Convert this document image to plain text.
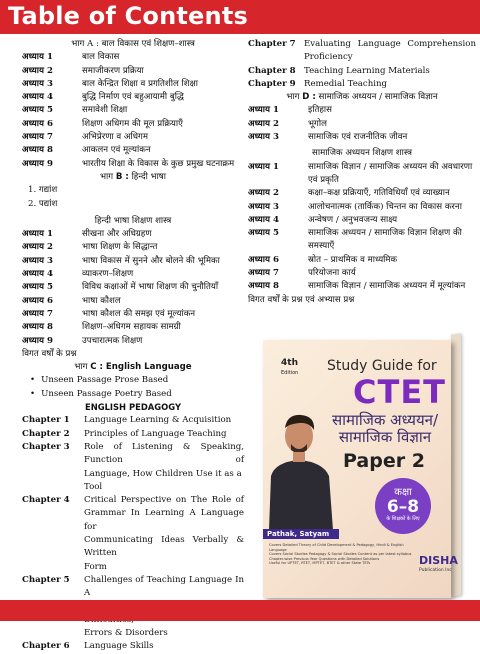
Table of Contents
भाग A : बाल विकास एवं शिक्षण–शास्त्र
अध्याय 1	बाल विकास
अध्याय 2	समाजीकरण प्रक्रिया
अध्याय 3	बाल केन्द्रित शिक्षा व प्रगतिशील शिक्षा
अध्याय 4	बुद्धि निर्माण एवं बहुआयामी बुद्धि
अध्याय 5	समावेशी शिक्षा
अध्याय 6	शिक्षण अधिगम की मूल प्रक्रियाएँ
अध्याय 7	अभिप्रेरणा व अधिगम
अध्याय 8	आकलन एवं मूल्यांकन
अध्याय 9	भारतीय शिक्षा के विकास के कुछ प्रमुख घटनाक्रम
भाग B : हिन्दी भाषा
1. गद्यांश
2. पद्यांश
हिन्दी भाषा शिक्षण शास्त्र
अध्याय 1	सीखना और अधिग्रहण
अध्याय 2	भाषा शिक्षण के सिद्धान्त
अध्याय 3	भाषा विकास में सुनने और बोलने की भूमिका
अध्याय 4	व्याकरण–शिक्षण
अध्याय 5	विविध कक्षाओं में भाषा शिक्षण की चुनौतियाँ
अध्याय 6	भाषा कौशल
अध्याय 7	भाषा कौशल की समझ एवं मूल्यांकन
अध्याय 8	शिक्षण–अधिगम सहायक सामग्री
अध्याय 9	उपचारात्मक शिक्षण
विगत वर्षों के प्रश्न
भाग C : English Language
• Unseen Passage Prose Based
• Unseen Passage Poetry Based
ENGLISH PEDAGOGY
Chapter 1	Language Learning & Acquisition
Chapter 2	Principles of Language Teaching
Chapter 3	Role of Listening & Speaking, Function of
Language, How Children Use it as a Tool
Chapter 4	Critical Perspective on The Role of
Grammar In Learning A Language for
Communicating Ideas Verbally & Written
Form
Chapter 5	Challenges of Teaching Language In A
Errors & Disorders
Chapter 6	Language Skills
Chapter 7 Evaluating Language Comprehension
Proficiency
Chapter 8 Teaching Learning Materials
Chapter 9 Remedial Teaching
भाग D : सामाजिक अध्ययन / सामाजिक विज्ञान
अध्याय 1	इतिहास
अध्याय 2	भूगोल
अध्याय 3	सामाजिक एवं राजनीतिक जीवन
सामाजिक अध्ययन शिक्षण शास्त्र
अध्याय 1	सामाजिक विज्ञान / सामाजिक अध्ययन की अवधारणा एवं प्रकृति
अध्याय 2	कक्षा–कक्ष प्रक्रियाएँ, गतिविधियाँ एवं व्याख्यान
अध्याय 3	आलोचनात्मक (तार्किक) चिन्तन का विकास करना
अध्याय 4	अन्वेषण / अनुभवजन्य साक्ष्य
अध्याय 5	सामाजिक अध्ययन / सामाजिक विज्ञान शिक्षण की समस्याएँ
अध्याय 6	स्रोत – प्राथमिक व माध्यमिक
अध्याय 7	परियोजना कार्य
अध्याय 8	सामाजिक विज्ञान / सामाजिक अध्ययन में मूल्यांकन
विगत वर्षों के प्रश्न एवं अभ्यास प्रश्न
4th
Edition Study Guide for
CTET
सामाजिक अध्ययन/
सामाजिक विज्ञान
Paper 2
कक्षा
6–8
के शिक्षकों के लिए
Pathak, Satyam
Covers Detailed Theory of Child Development & Pedagogy, Hindi & English Language
Covers Social Studies Pedagogy & Social Studies Content as per latest syllabus
Chapter-wise Previous Year Questions with Detailed Solutions
Useful for UPTET, RTET, MPTET, BTET & other State TETs	DISHA
Publication Inc
